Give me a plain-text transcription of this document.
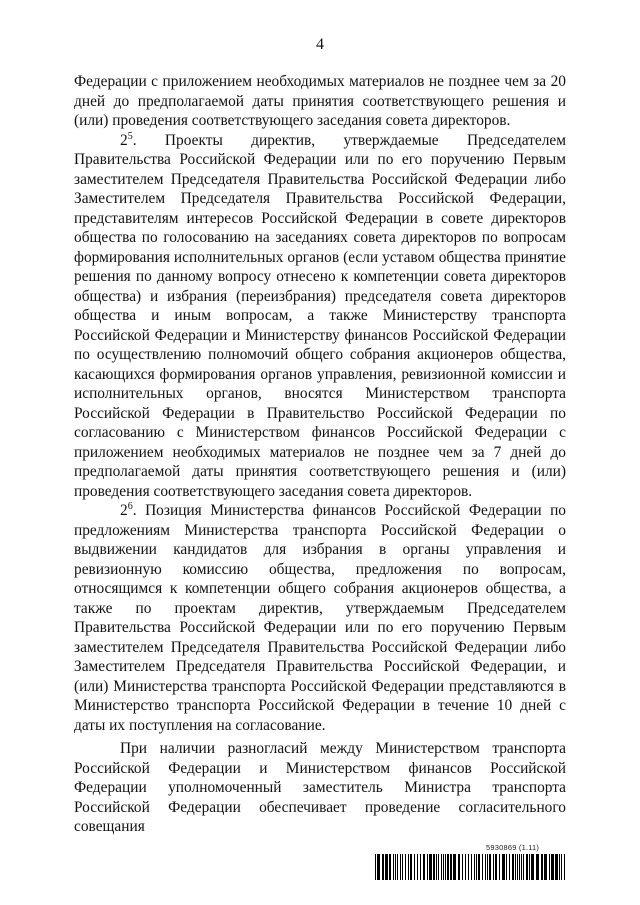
4

Федерации с приложением необходимых материалов не позднее чем за 20 дней до предполагаемой даты принятия соответствующего решения и (или) проведения соответствующего заседания совета директоров.

$2^5$. Проекты директив, утверждаемые Председателем Правительства Российской Федерации или по его поручению Первым заместителем Председателя Правительства Российской Федерации либо Заместителем Председателя Правительства Российской Федерации, представителям интересов Российской Федерации в совете директоров общества по голосованию на заседаниях совета директоров по вопросам формирования исполнительных органов (если уставом общества принятие решения по данному вопросу отнесено к компетенции совета директоров общества) и избрания (переизбрания) председателя совета директоров общества и иным вопросам, а также Министерству транспорта Российской Федерации и Министерству финансов Российской Федерации по осуществлению полномочий общего собрания акционеров общества, касающихся формирования органов управления, ревизионной комиссии и исполнительных органов, вносятся Министерством транспорта Российской Федерации в Правительство Российской Федерации по согласованию с Министерством финансов Российской Федерации с приложением необходимых материалов не позднее чем за 7 дней до предполагаемой даты принятия соответствующего решения и (или) проведения соответствующего заседания совета директоров.

$2^6$. Позиция Министерства финансов Российской Федерации по предложениям Министерства транспорта Российской Федерации о выдвижении кандидатов для избрания в органы управления и ревизионную комиссию общества, предложения по вопросам, относящимся к компетенции общего собрания акционеров общества, а также по проектам директив, утверждаемым Председателем Правительства Российской Федерации или по его поручению Первым заместителем Председателя Правительства Российской Федерации либо Заместителем Председателя Правительства Российской Федерации, и (или) Министерства транспорта Российской Федерации представляются в Министерство транспорта Российской Федерации в течение 10 дней с даты их поступления на согласование.

При наличии разногласий между Министерством транспорта Российской Федерации и Министерством финансов Российской Федерации уполномоченный заместитель Министра транспорта Российской Федерации обеспечивает проведение согласительного совещания

5930869 (1.11)
